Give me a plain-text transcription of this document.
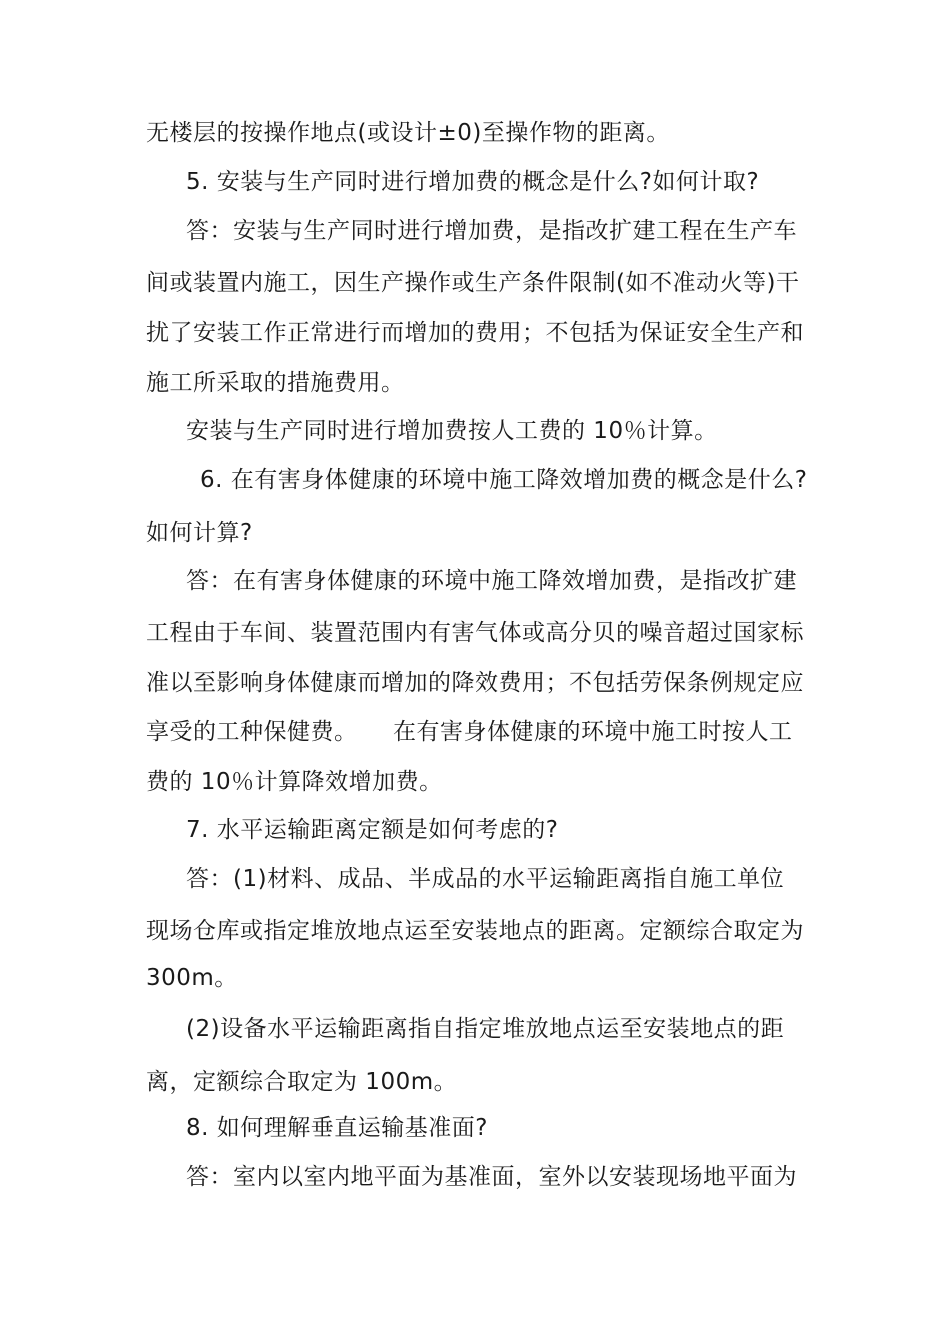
无楼层的按操作地点(或设计±0)至操作物的距离。
5. 安装与生产同时进行增加费的概念是什么?如何计取?
答：安装与生产同时进行增加费，是指改扩建工程在生产车
间或装置内施工，因生产操作或生产条件限制(如不准动火等)干
扰了安装工作正常进行而增加的费用；不包括为保证安全生产和
施工所采取的措施费用。
安装与生产同时进行增加费按人工费的 10％计算。
6. 在有害身体健康的环境中施工降效增加费的概念是什么?
如何计算?
答：在有害身体健康的环境中施工降效增加费，是指改扩建
工程由于车间、装置范围内有害气体或高分贝的噪音超过国家标
准以至影响身体健康而增加的降效费用；不包括劳保条例规定应
享受的工种保健费。　　在有害身体健康的环境中施工时按人工
费的 10％计算降效增加费。
7. 水平运输距离定额是如何考虑的?
答：(1)材料、成品、半成品的水平运输距离指自施工单位
现场仓库或指定堆放地点运至安装地点的距离。定额综合取定为
300m。
(2)设备水平运输距离指自指定堆放地点运至安装地点的距
离，定额综合取定为 100m。
8. 如何理解垂直运输基准面?
答：室内以室内地平面为基准面，室外以安装现场地平面为
